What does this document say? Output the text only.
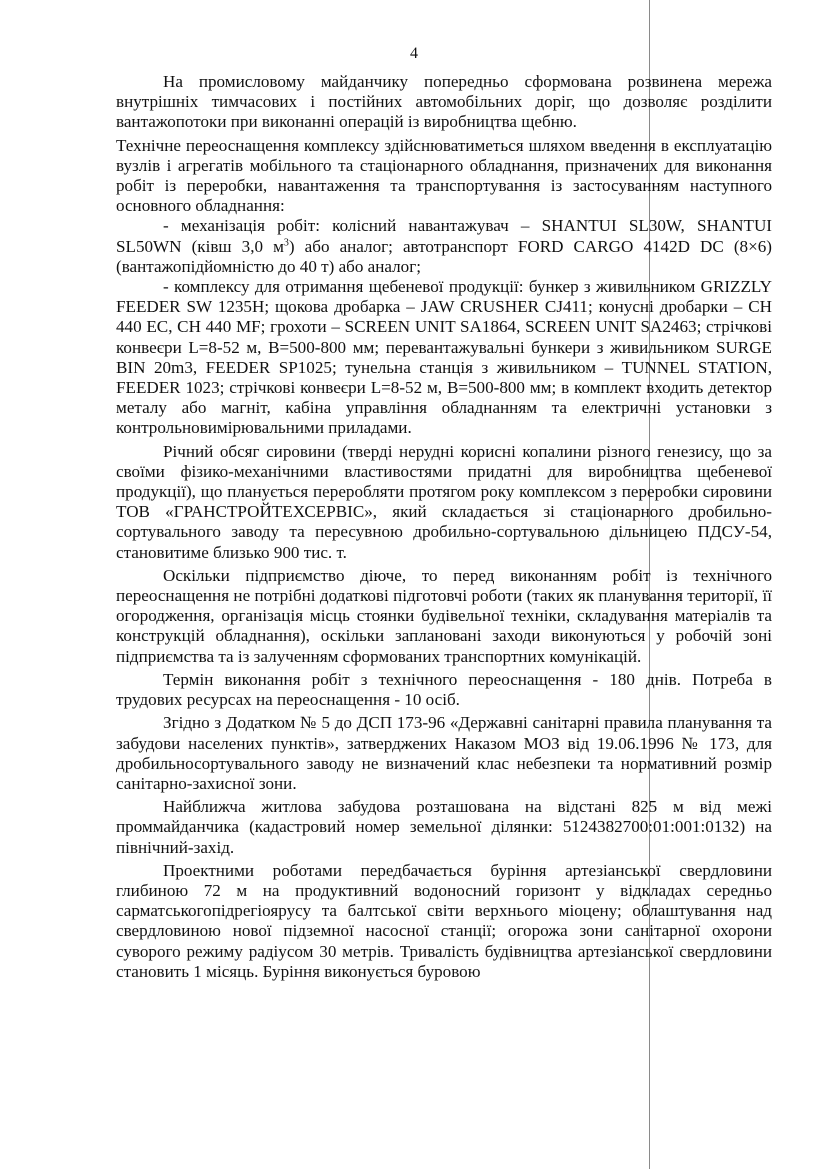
4

На промисловому майданчику попередньо сформована розвинена мережа внутрішніх тимчасових і постійних автомобільних доріг, що дозволяє розділити вантажопотоки при виконанні операцій із виробництва щебню.

Технічне переоснащення комплексу здійснюватиметься шляхом введення в експлуатацію вузлів і агрегатів мобільного та стаціонарного обладнання, призначених для виконання робіт із переробки, навантаження та транспортування із застосуванням наступного основного обладнання:

- механізація робіт: колісний навантажувач – SHANTUI SL30W, SHANTUI SL50WN (ківш 3,0 $м^3$) або аналог; автотранспорт FORD CARGO 4142D DC (8×6) (вантажопідйомністю до 40 т) або аналог;

- комплексу для отримання щебеневої продукції: бункер з живильником GRIZZLY FEEDER SW 1235H; щокова дробарка – JAW CRUSHER CJ411; конусні дробарки – CH 440 EC, CH 440 MF; грохоти – SCREEN UNIT SA1864, SCREEN UNIT SA2463; стрічкові конвеєри L=8-52 м, B=500-800 мм; перевантажувальні бункери з живильником SURGE BIN 20m3, FEEDER SP1025; тунельна станція з живильником – TUNNEL STATION, FEEDER 1023; стрічкові конвеєри L=8-52 м, B=500-800 мм; в комплект входить детектор металу або магніт, кабіна управління обладнанням та електричні установки з контрольновимірювальними приладами.

Річний обсяг сировини (тверді нерудні корисні копалини різного генезису, що за своїми фізико-механічними властивостями придатні для виробництва щебеневої продукції), що планується переробляти протягом року комплексом з переробки сировини ТОВ «ГРАНСТРОЙТЕХСЕРВІС», який складається зі стаціонарного дробильно-сортувального заводу та пересувною дробильно-сортувальною дільницею ПДСУ-54, становитиме близько 900 тис. т.

Оскільки підприємство діюче, то перед виконанням робіт із технічного переоснащення не потрібні додаткові підготовчі роботи (таких як планування території, її огородження, організація місць стоянки будівельної техніки, складування матеріалів та конструкцій обладнання), оскільки заплановані заходи виконуються у робочій зоні підприємства та із залученням сформованих транспортних комунікацій.

Термін виконання робіт з технічного переоснащення - 180 днів. Потреба в трудових ресурсах на переоснащення - 10 осіб.

Згідно з Додатком № 5 до ДСП 173-96 «Державні санітарні правила планування та забудови населених пунктів», затверджених Наказом МОЗ від 19.06.1996 № 173, для дробильносортувального заводу не визначений клас небезпеки та нормативний розмір санітарно-захисної зони.

Найближча житлова забудова розташована на відстані 825 м від межі проммайданчика (кадастровий номер земельної ділянки: 5124382700:01:001:0132) на північний-захід.

Проектними роботами передбачається буріння артезіанської свердловини глибиною 72 м на продуктивний водоносний горизонт у відкладах середньо сарматськогопідрегіоярусу та балтської світи верхнього міоцену; облаштування над свердловиною нової підземної насосної станції; огорожа зони санітарної охорони суворого режиму радіусом 30 метрів. Тривалість будівництва артезіанської свердловини становить 1 місяць. Буріння виконується буровою
